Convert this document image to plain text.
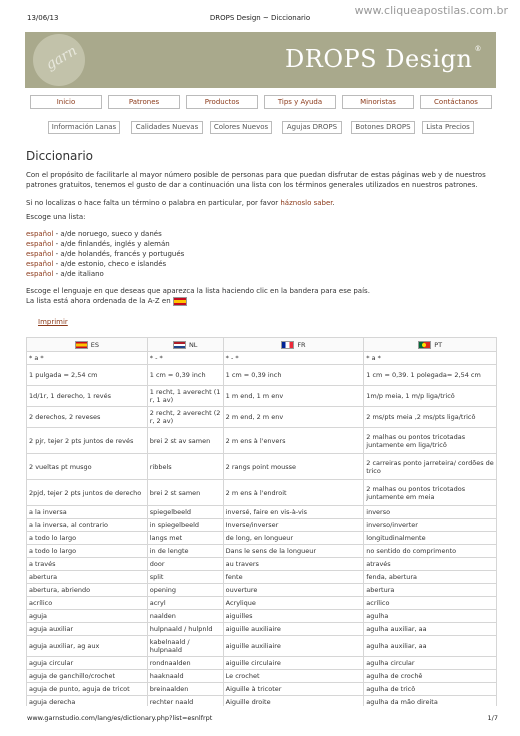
13/06/13	DROPS Design ~ Diccionario
www.cliqueapostilas.com.br
garn	DROPS Design ®
Inicio	Patrones	Productos	Tips y Ayuda	Minoristas	Contáctanos
Información Lanas	Calidades Nuevas	Colores Nuevos	Agujas DROPS	Botones DROPS	Lista Precios
Diccionario
Con el propósito de facilitarle al mayor número posible de personas para que puedan disfrutar de estas páginas web y de nuestros patrones gratuitos, tenemos el gusto de dar a continuación una lista con los términos generales utilizados en nuestros patrones.
Si no localizas o hace falta un término o palabra en particular, por favor háznoslo saber.
Escoge una lista:
español - a/de noruego, sueco y danés
español - a/de finlandés, inglés y alemán
español - a/de holandés, francés y portugués
español - a/de estonio, checo e islandés
español - a/de italiano
Escoge el lenguaje en que deseas que aparezca la lista haciendo clic en la bandera para ese país.
La lista está ahora ordenada de la A-Z en
Imprimir
ES	NL	FR	PT
* a *	* - *	* - *	* a *
1 pulgada = 2,54 cm	1 cm = 0,39 inch	1 cm = 0,39 inch	1 cm = 0,39. 1 polegada= 2,54 cm
1d/1r, 1 derecho, 1 revés	1 recht, 1 averecht (1 r, 1 av)	1 m end, 1 m env	1m/p meia, 1 m/p liga/tricô
2 derechos, 2 reveses	2 recht, 2 averecht (2 r, 2 av)	2 m end, 2 m env	2 ms/pts meia ,2 ms/pts liga/tricô
2 pjr, tejer 2 pts juntos de revés	brei 2 st av samen	2 m ens à l'envers	2 malhas ou pontos tricotadas juntamente em liga/tricô
2 vueltas pt musgo	ribbels	2 rangs point mousse	2 carreiras ponto jarreteira/ cordões de trico
2pjd, tejer 2 pts juntos de derecho	brei 2 st samen	2 m ens à l'endroit	2 malhas ou pontos tricotados juntamente em meia
a la inversa	spiegelbeeld	inversé, faire en vis-à-vis	inverso
a la inversa, al contrario	in spiegelbeeld	Inverse/inverser	inverso/inverter
a todo lo largo	langs met	de long, en longueur	longitudinalmente
a todo lo largo	in de lengte	Dans le sens de la longueur	no sentido do comprimento
a través	door	au travers	através
abertura	split	fente	fenda, abertura
abertura, abriendo	opening	ouverture	abertura
acrílico	acryl	Acrylique	acrílico
aguja	naalden	aiguilles	agulha
aguja auxiliar	hulpnaald / hulpnld	aiguille auxiliaire	agulha auxiliar, aa
aguja auxiliar, ag aux	kabelnaald / hulpnaald	aiguille auxiliaire	agulha auxiliar, aa
aguja circular	rondnaalden	aiguille circulaire	agulha circular
aguja de ganchillo/crochet	haaknaald	Le crochet	agulha de crochê
aguja de punto, aguja de tricot	breinaalden	Aiguille à tricoter	agulha de tricô
aguja derecha	rechter naald	Aiguille droite	agulha da mão direita
www.garnstudio.com/lang/es/dictionary.php?list=esnlfrpt	1/7
